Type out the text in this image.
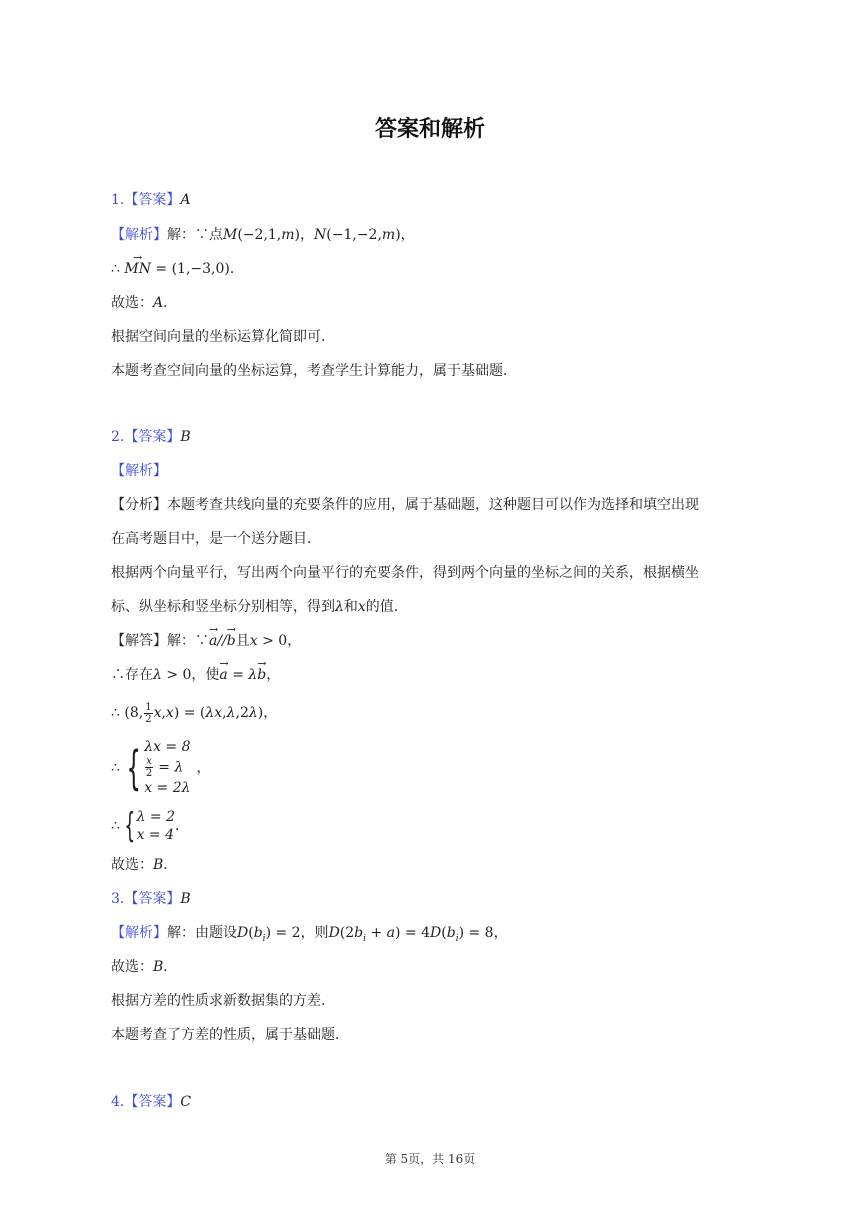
答案和解析
1.【答案】A
【解析】解：∵点M(−2,1,m)，N(−1,−2,m)，
∴ → MN = (1,−3,0)．
故选：A．
根据空间向量的坐标运算化简即可．
本题考查空间向量的坐标运算，考查学生计算能力，属于基础题．
2.【答案】B
【解析】
【分析】本题考查共线向量的充要条件的应用，属于基础题，这种题目可以作为选择和填空出现
在高考题目中，是一个送分题目．
根据两个向量平行，写出两个向量平行的充要条件，得到两个向量的坐标之间的关系，根据横坐
标、纵坐标和竖坐标分别相等，得到λ和x的值．
【解答】解：∵→ a//→ b且x > 0，
∴存在λ > 0，使→ a = λ→ b，
∴ (8, $\frac{1}{2} x,x) = (\lambda x,\lambda,2\lambda)$，
∴ { λx = 8
$\frac{x}{2} = \lambda$
x = 2λ
，
∴ { λ = 2
x = 4
．
故选：B．
3.【答案】B
【解析】解：由题设$D(b_i) = 2$，则$D(2b_i + a) = 4D(b_i) = 8$，
故选：B．
根据方差的性质求新数据集的方差．
本题考查了方差的性质，属于基础题．
4.【答案】C
第 5页，共 16页
